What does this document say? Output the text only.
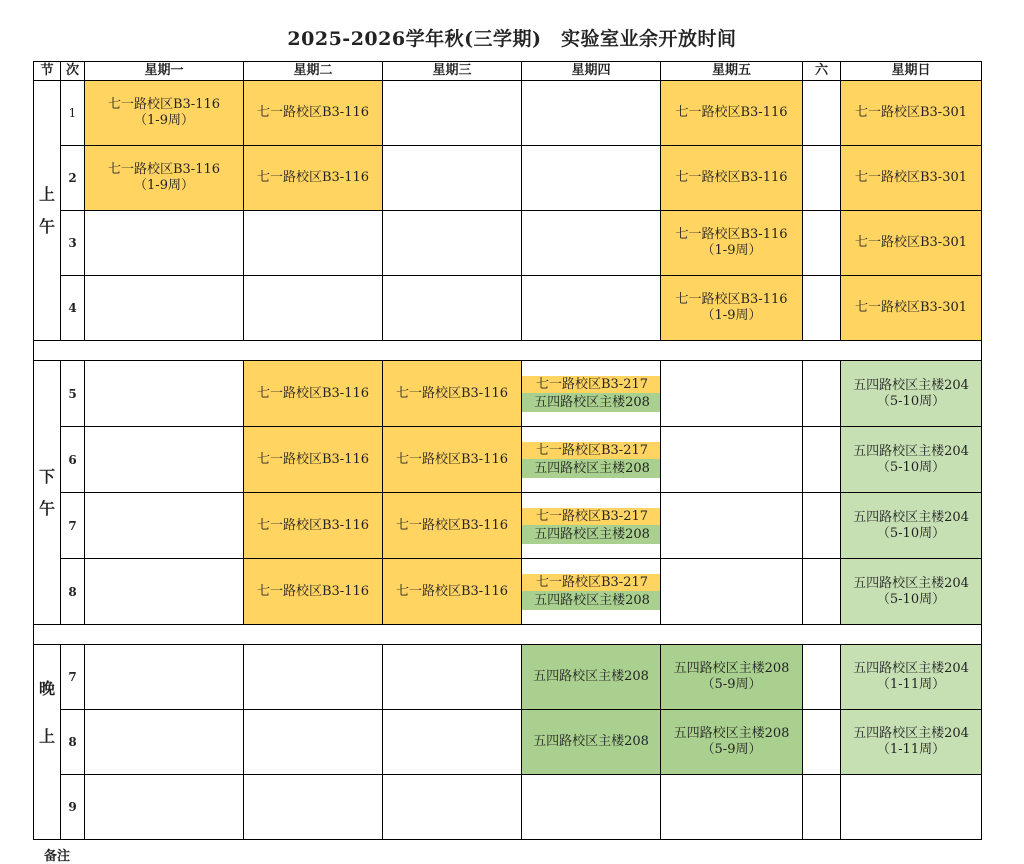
2025-2026学年秋(三学期)　实验室业余开放时间
节	次	星期一	星期二	星期三	星期四	星期五	六	星期日
上

午	1	七一路校区B3-116
（1-9周）	七一路校区B3-116			七一路校区B3-116		七一路校区B3-301
	2	七一路校区B3-116
（1-9周）	七一路校区B3-116			七一路校区B3-116		七一路校区B3-301
	3					七一路校区B3-116
（1-9周）		七一路校区B3-301
	4					七一路校区B3-116
（1-9周）		七一路校区B3-301

下

午	5		七一路校区B3-116	七一路校区B3-116	七一路校区B3-217
五四路校区主楼208			五四路校区主楼204
（5-10周）
	6		七一路校区B3-116	七一路校区B3-116	七一路校区B3-217
五四路校区主楼208			五四路校区主楼204
（5-10周）
	7		七一路校区B3-116	七一路校区B3-116	七一路校区B3-217
五四路校区主楼208			五四路校区主楼204
（5-10周）
	8		七一路校区B3-116	七一路校区B3-116	七一路校区B3-217
五四路校区主楼208			五四路校区主楼204
（5-10周）

晚

上	7				五四路校区主楼208	五四路校区主楼208
（5-9周）		五四路校区主楼204
（1-11周）
	8				五四路校区主楼208	五四路校区主楼208
（5-9周）		五四路校区主楼204
（1-11周）
	9							
备注
